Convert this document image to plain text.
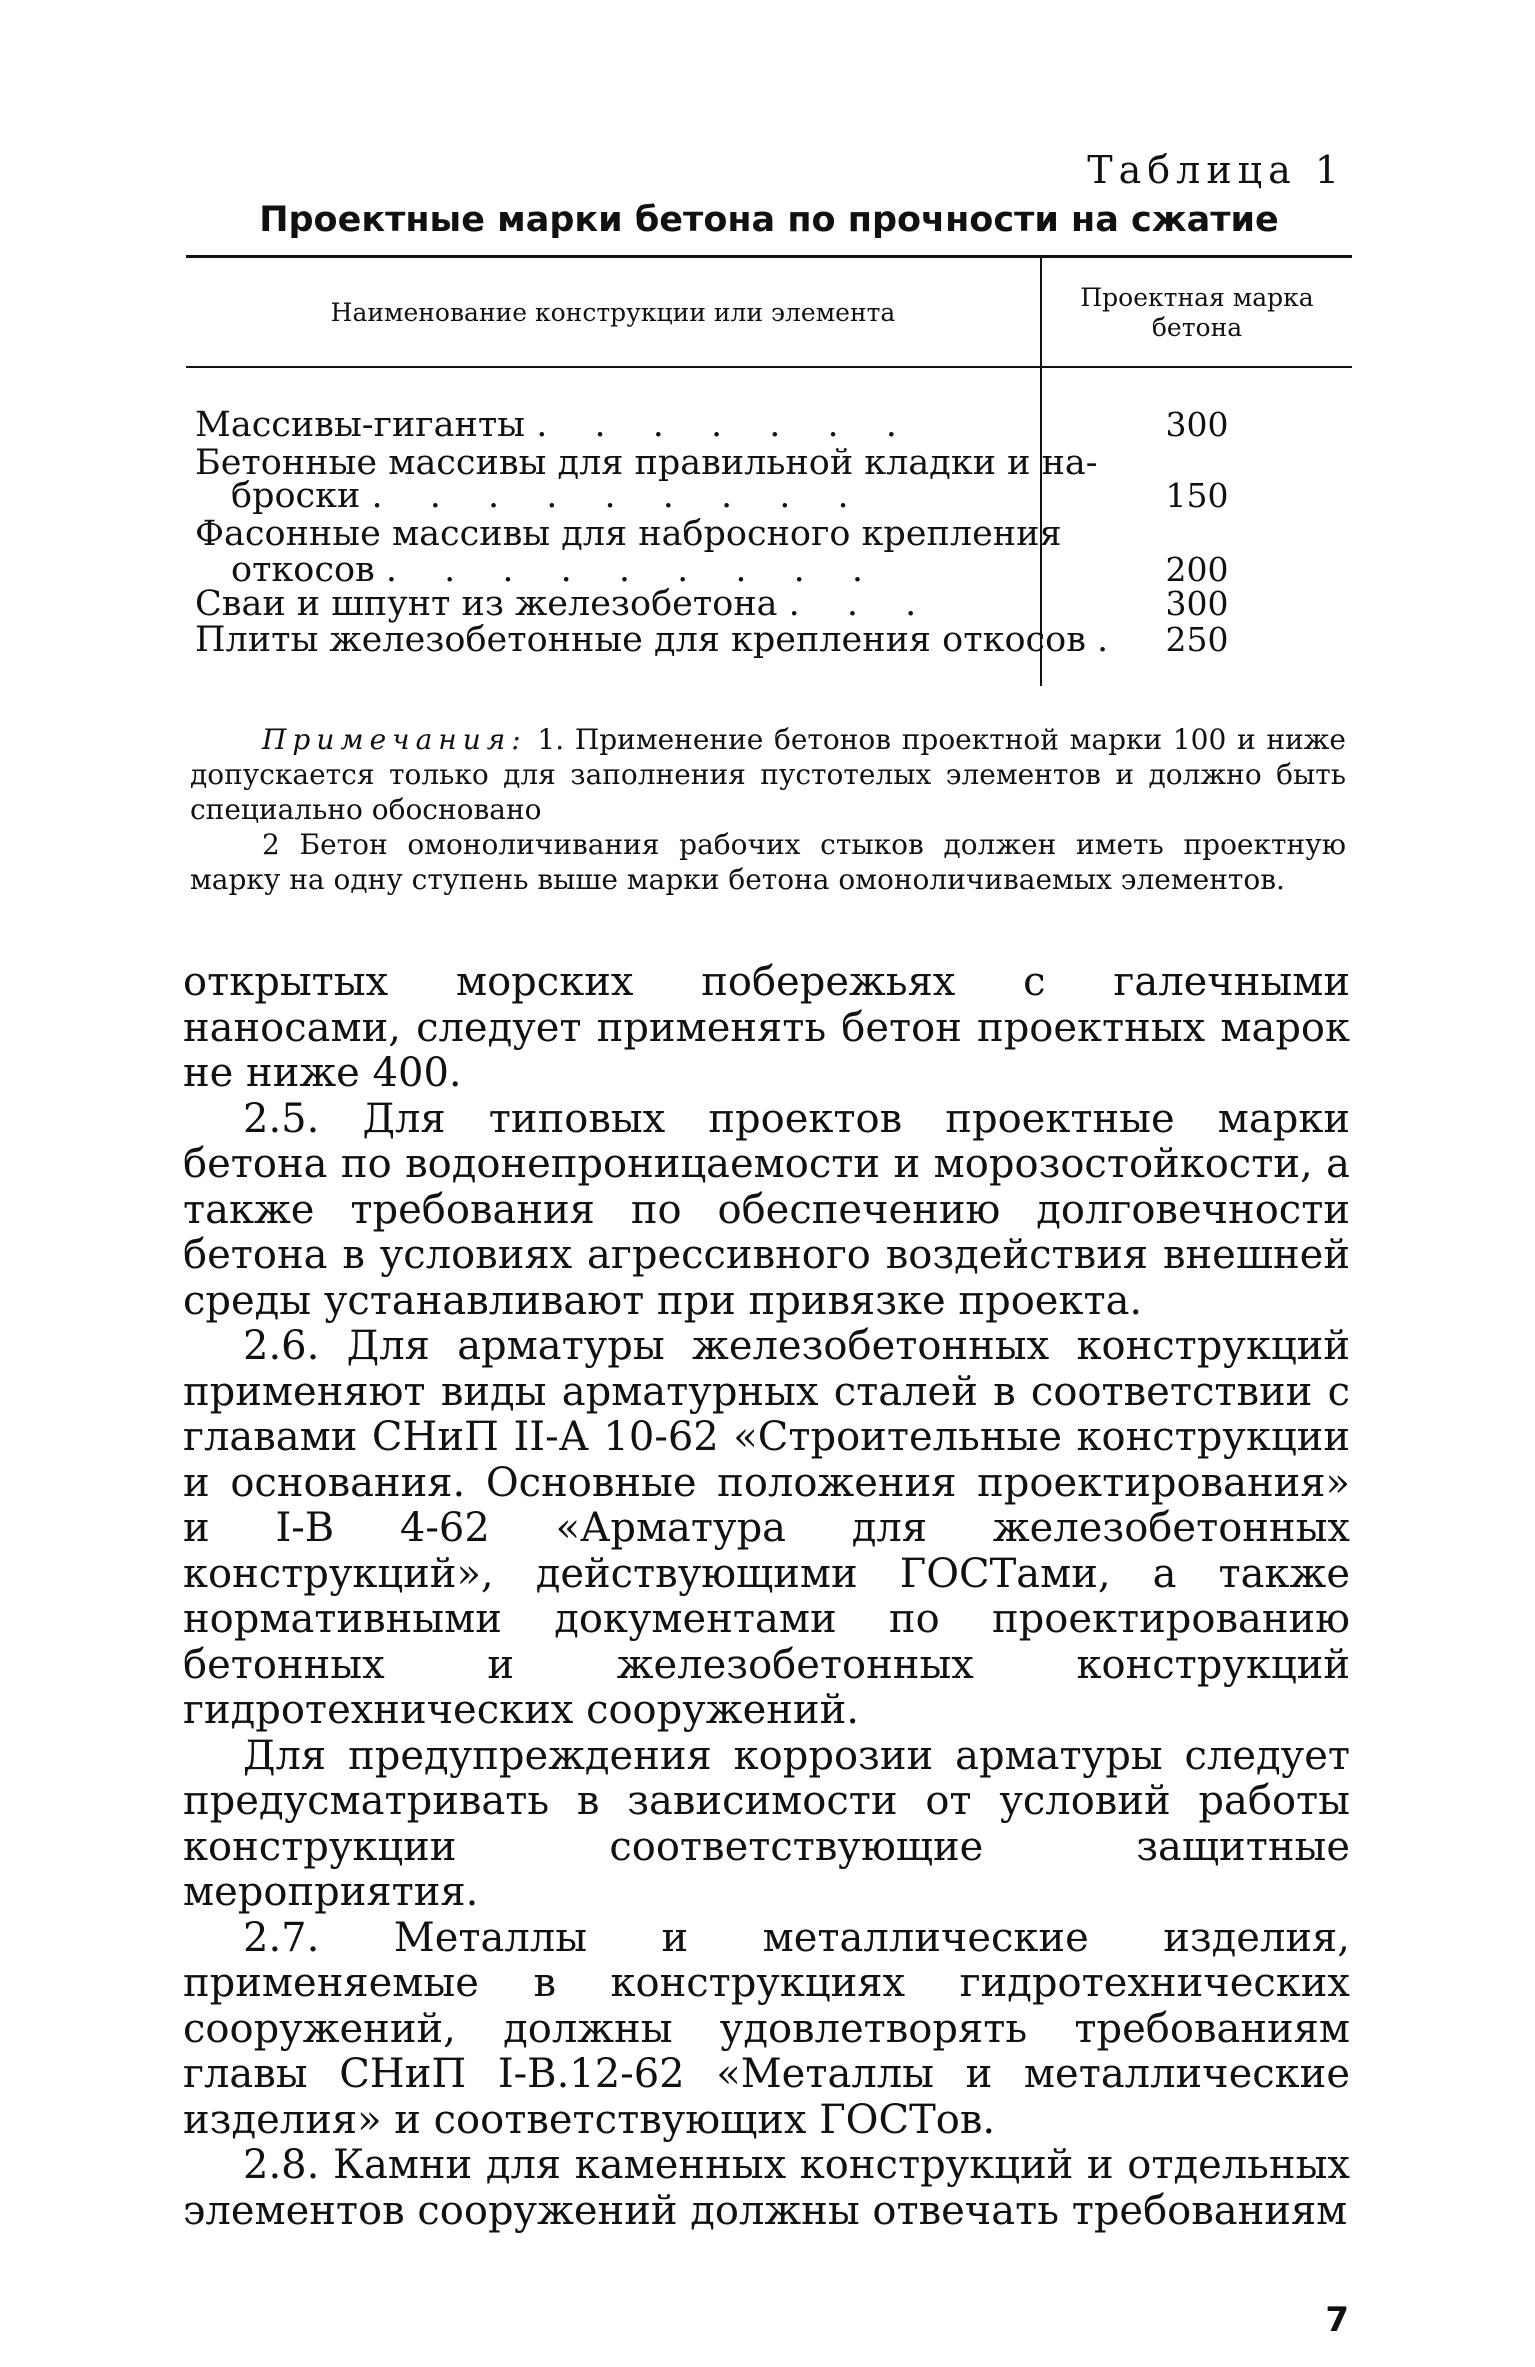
Таблица 1
Проектные марки бетона по прочности на сжатие
Наименование конструкции или элемента
Проектная марка бетона
Массивы-гиганты . . . . . . .	300
Бетонные массивы для правильной кладки и на-
броски . . . . . . . . .	150
Фасонные массивы для набросного крепления
откосов . . . . . . . . .	200
Сваи и шпунт из железобетона . . .	300
Плиты железобетонные для крепления откосов .	250

Примечания: 1. Применение бетонов проектной марки 100 и ниже допускается только для заполнения пустотелых элементов и должно быть специально обосновано

2 Бетон омоноличивания рабочих стыков должен иметь проектную марку на одну ступень выше марки бетона омоноличиваемых элементов.

открытых морских побережьях с галечными наносами, следует применять бетон проектных марок не ниже 400.

2.5. Для типовых проектов проектные марки бетона по водонепроницаемости и морозостойкости, а также требования по обеспечению долговечности бетона в условиях агрессивного воздействия внешней среды устанавливают при привязке проекта.

2.6. Для арматуры железобетонных конструкций применяют виды арматурных сталей в соответствии с главами СНиП II-А 10-62 «Строительные конструкции и основания. Основные положения проектирования» и I-В 4-62 «Арматура для железобетонных конструкций», действующими ГОСТами, а также нормативными документами по проектированию бетонных и железобетонных конструкций гидротехнических сооружений.

Для предупреждения коррозии арматуры следует предусматривать в зависимости от условий работы конструкции соответствующие защитные мероприятия.

2.7. Металлы и металлические изделия, применяемые в конструкциях гидротехнических сооружений, должны удовлетворять требованиям главы СНиП I-В.12-62 «Металлы и металлические изделия» и соответствующих ГОСТов.

2.8. Камни для каменных конструкций и отдельных элементов сооружений должны отвечать требованиям

7
